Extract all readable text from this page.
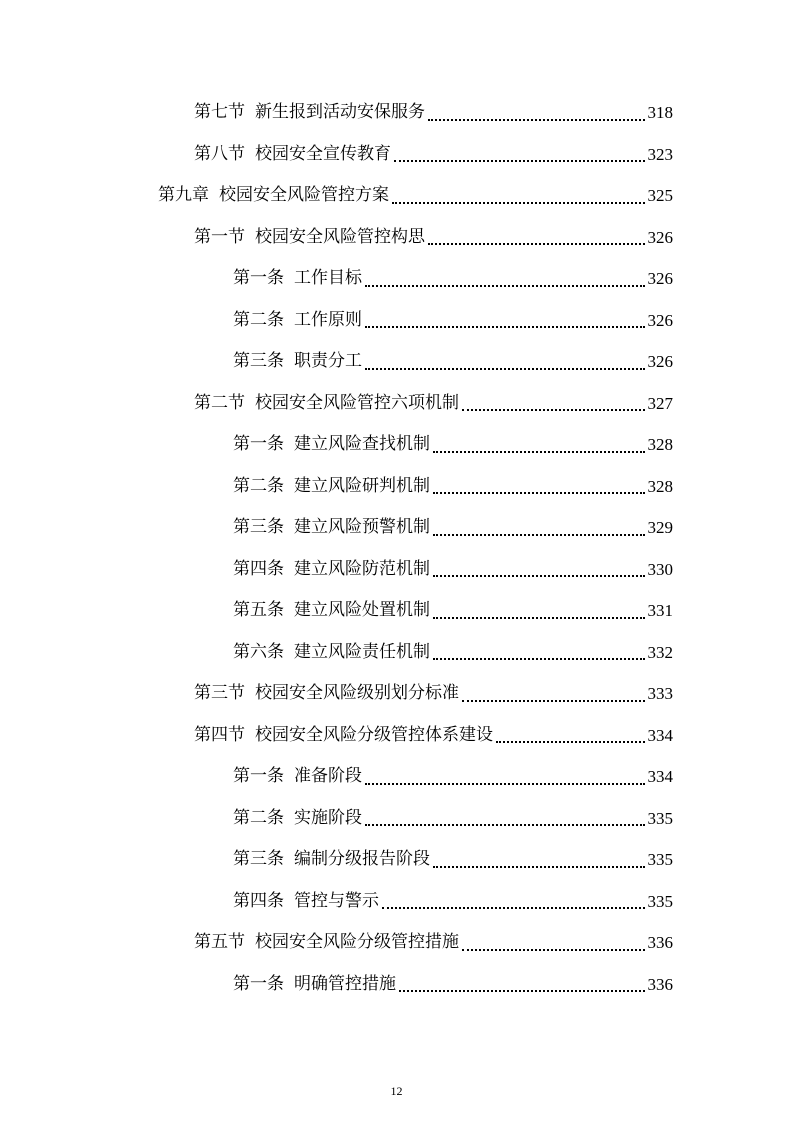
第七节 新生报到活动安保服务	318
第八节 校园安全宣传教育	323
第九章 校园安全风险管控方案	325
第一节 校园安全风险管控构思	326
第一条 工作目标	326
第二条 工作原则	326
第三条 职责分工	326
第二节 校园安全风险管控六项机制	327
第一条 建立风险查找机制	328
第二条 建立风险研判机制	328
第三条 建立风险预警机制	329
第四条 建立风险防范机制	330
第五条 建立风险处置机制	331
第六条 建立风险责任机制	332
第三节 校园安全风险级别划分标准	333
第四节 校园安全风险分级管控体系建设	334
第一条 准备阶段	334
第二条 实施阶段	335
第三条 编制分级报告阶段	335
第四条 管控与警示	335
第五节 校园安全风险分级管控措施	336
第一条 明确管控措施	336
12
